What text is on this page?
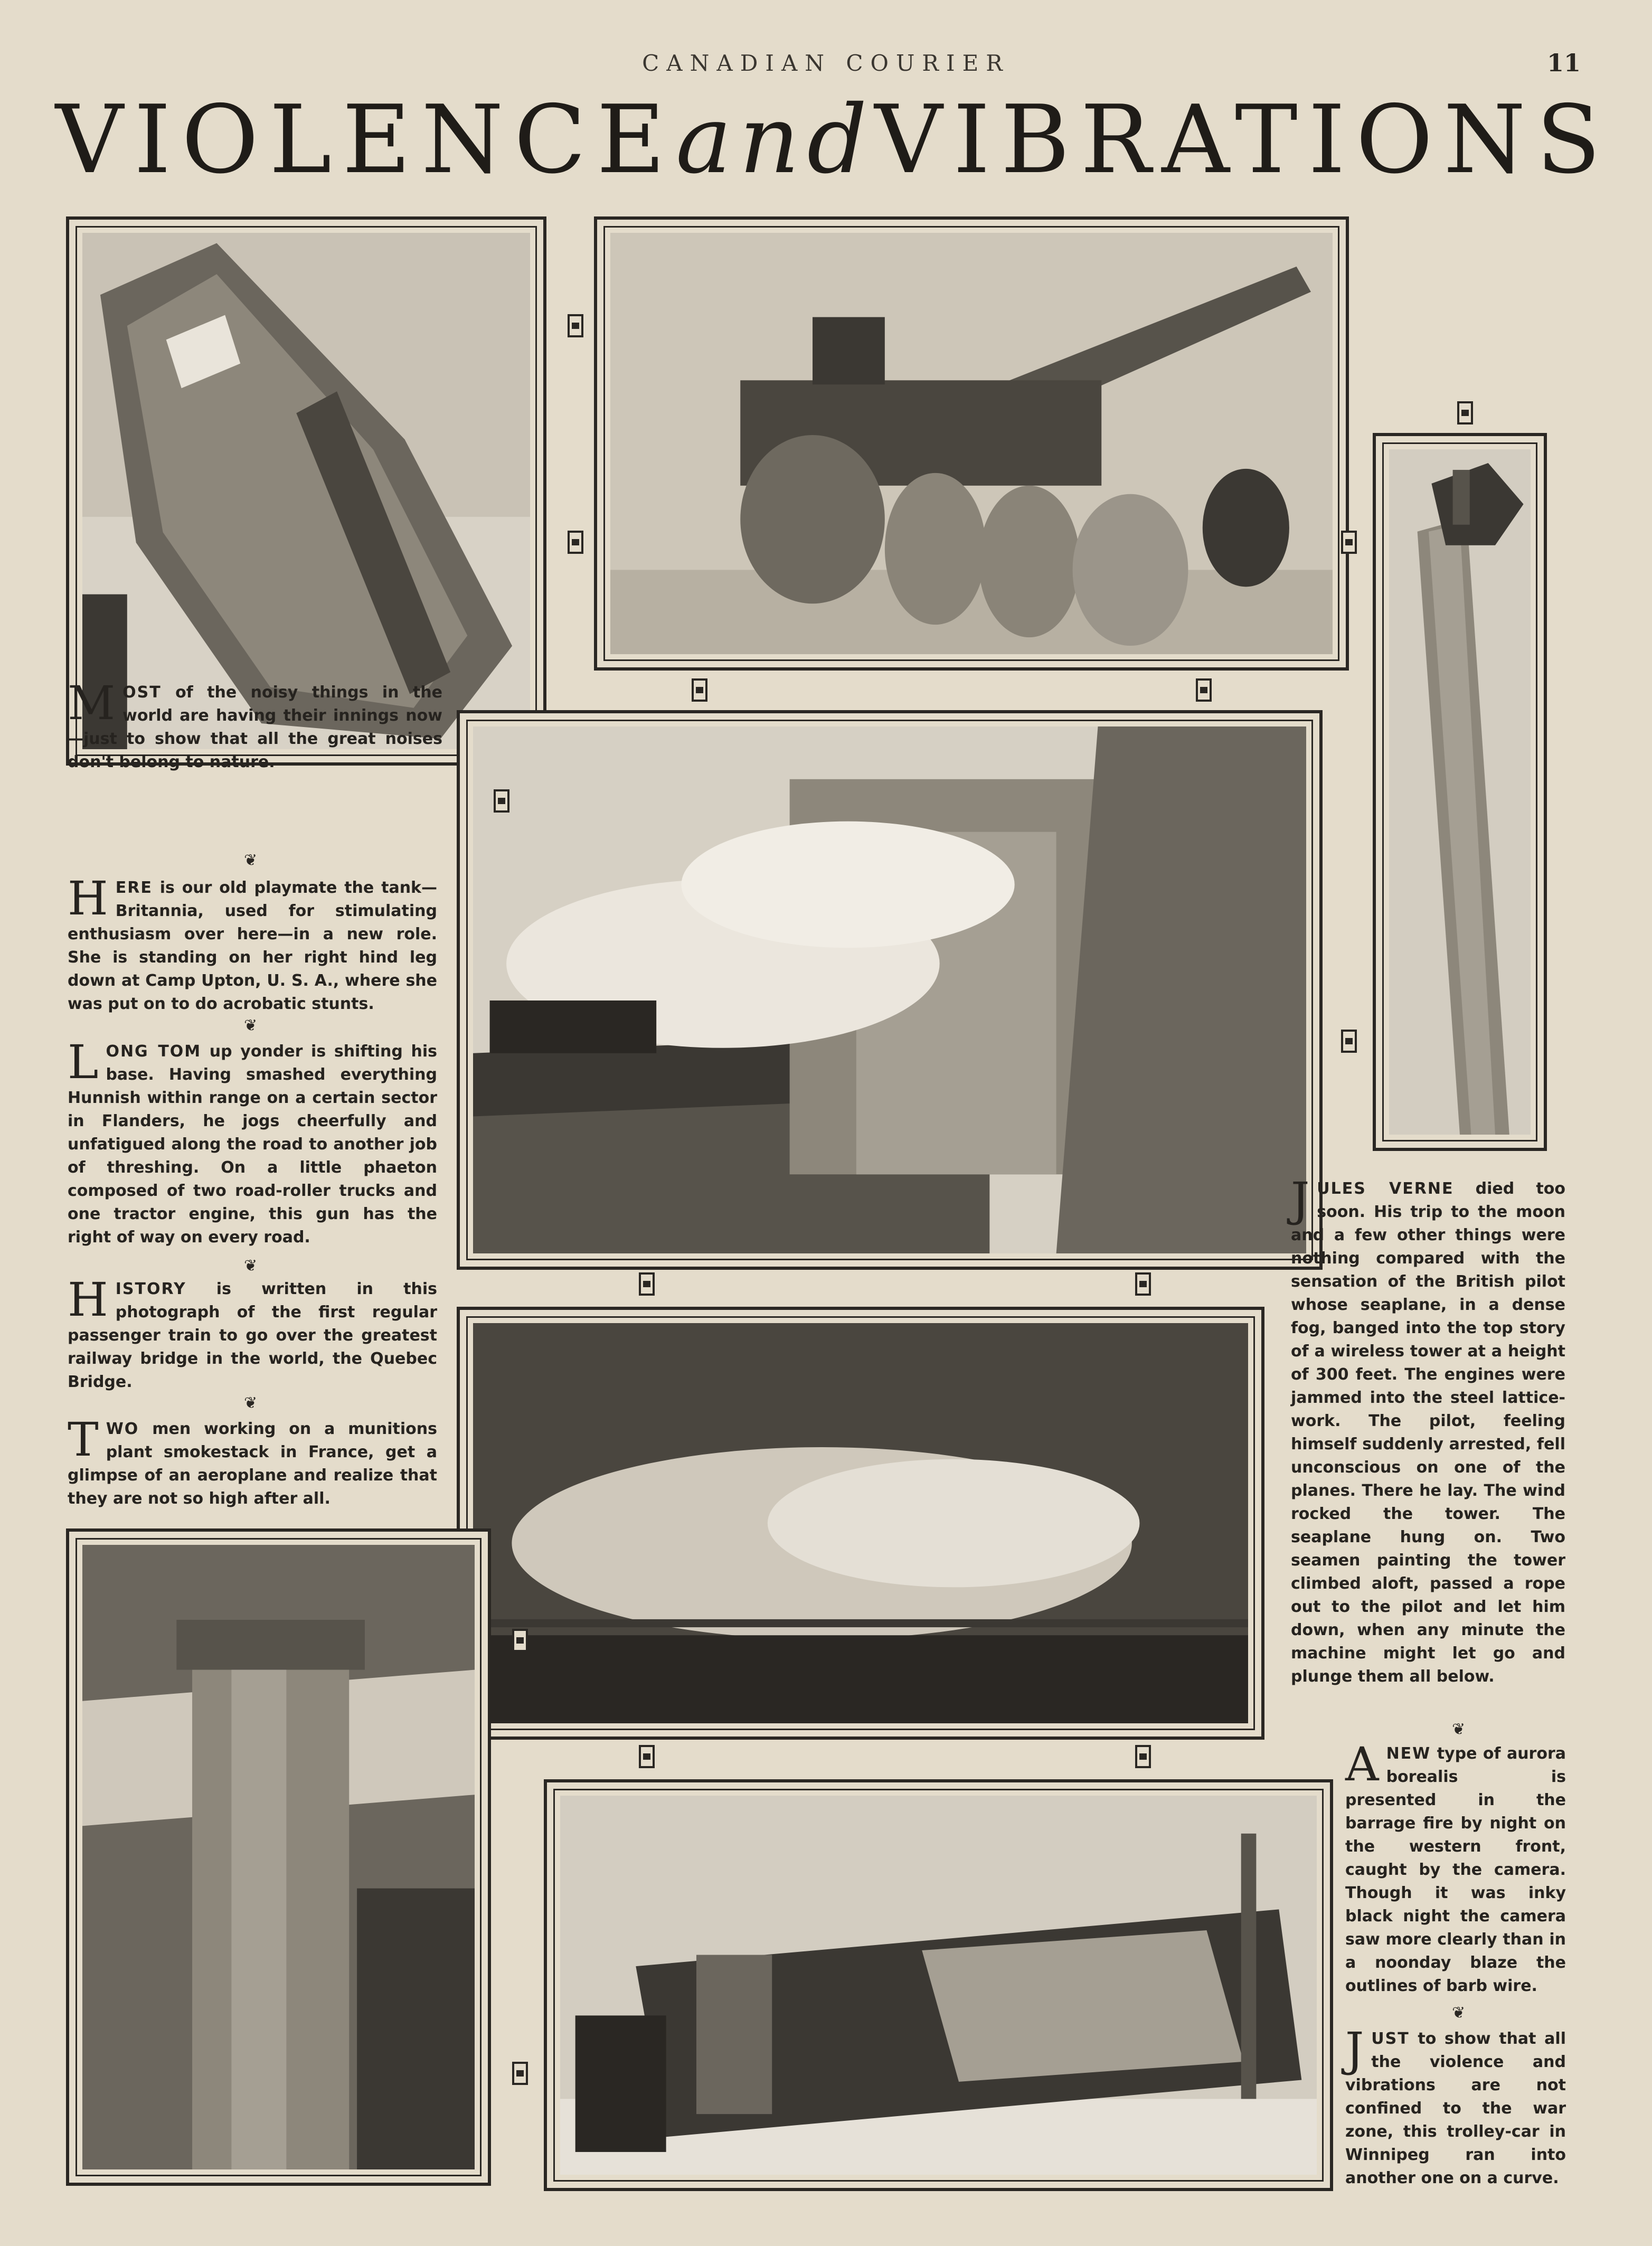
CANADIAN COURIER	11
VIOLENCE and VIBRATIONS
MOST of the noisy things in the world are having their innings now—just to show that all the great noises don't belong to nature.
❦
HERE is our old playmate the tank—Britannia, used for stimulating enthusiasm over here—in a new role. She is standing on her right hind leg down at Camp Upton, U. S. A., where she was put on to do acrobatic stunts.
❦
LONG TOM up yonder is shifting his base. Having smashed everything Hunnish within range on a certain sector in Flanders, he jogs cheerfully and unfatigued along the road to another job of threshing. On a little phaeton composed of two road-roller trucks and one tractor engine, this gun has the right of way on every road.
❦
HISTORY is written in this photograph of the first regular passenger train to go over the greatest railway bridge in the world, the Quebec Bridge.
❦
TWO men working on a munitions plant smokestack in France, get a glimpse of an aeroplane and realize that they are not so high after all.
JULES VERNE died too soon. His trip to the moon and a few other things were nothing compared with the sensation of the British pilot whose seaplane, in a dense fog, banged into the top story of a wireless tower at a height of 300 feet. The engines were jammed into the steel lattice-work. The pilot, feeling himself suddenly arrested, fell unconscious on one of the planes. There he lay. The wind rocked the tower. The seaplane hung on. Two seamen painting the tower climbed aloft, passed a rope out to the pilot and let him down, when any minute the machine might let go and plunge them all below.
❦
ANEW type of aurora borealis is presented in the barrage fire by night on the western front, caught by the camera. Though it was inky black night the camera saw more clearly than in a noonday blaze the outlines of barb wire.
❦
JUST to show that all the violence and vibrations are not confined to the war zone, this trolley-car in Winnipeg ran into another one on a curve.
